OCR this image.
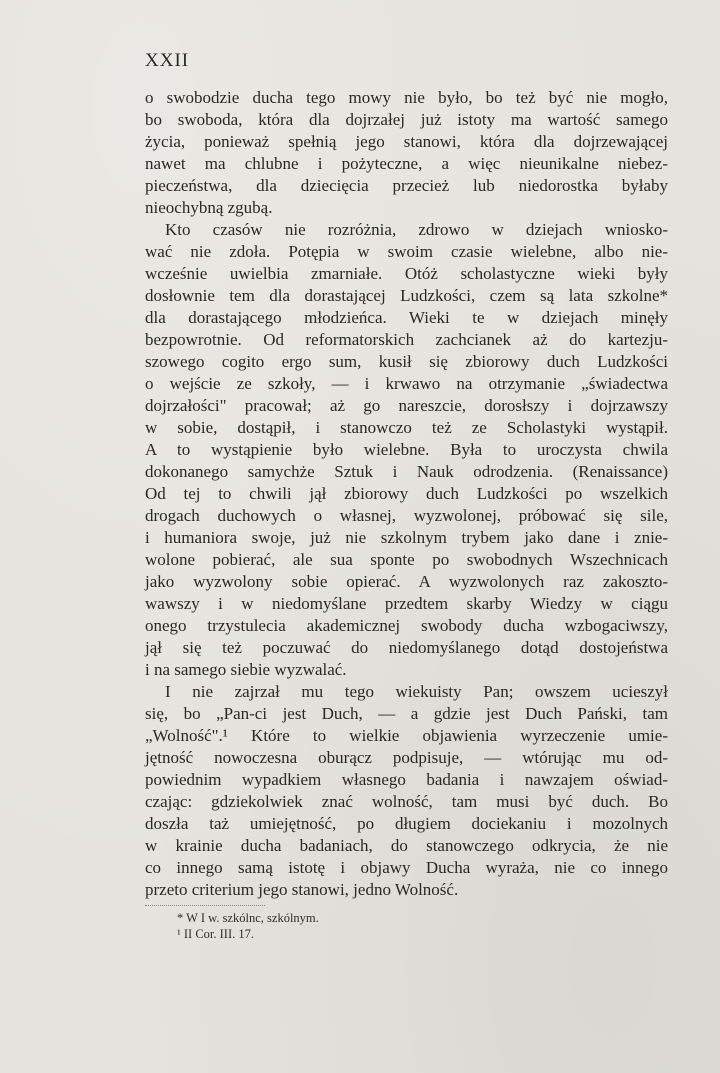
XXII
o swobodzie ducha tego mowy nie było, bo też być nie mogło,
bo swoboda, która dla dojrzałej już istoty ma wartość samego
życia, ponieważ spełnią jego stanowi, która dla dojrzewającej
nawet ma chlubne i pożyteczne, a więc nieunikalne niebez-
pieczeństwa, dla dziecięcia przecież lub niedorostka byłaby
nieochybną zgubą.
Kto czasów nie rozróżnia, zdrowo w dziejach wniosko-
wać nie zdoła. Potępia w swoim czasie wielebne, albo nie-
wcześnie uwielbia zmarniałe. Otóż scholastyczne wieki były
dosłownie tem dla dorastającej Ludzkości, czem są lata szkolne*
dla dorastającego młodzieńca. Wieki te w dziejach minęły
bezpowrotnie. Od reformatorskich zachcianek aż do kartezju-
szowego cogito ergo sum, kusił się zbiorowy duch Ludzkości
o wejście ze szkoły, — i krwawo na otrzymanie „świadectwa
dojrzałości" pracował; aż go nareszcie, dorosłszy i dojrzawszy
w sobie, dostąpił, i stanowczo też ze Scholastyki wystąpił.
A to wystąpienie było wielebne. Była to uroczysta chwila
dokonanego samychże Sztuk i Nauk odrodzenia. (Renaissance)
Od tej to chwili jął zbiorowy duch Ludzkości po wszelkich
drogach duchowych o własnej, wyzwolonej, próbować się sile,
i humaniora swoje, już nie szkolnym trybem jako dane i znie-
wolone pobierać, ale sua sponte po swobodnych Wszechnicach
jako wyzwolony sobie opierać. A wyzwolonych raz zakoszto-
wawszy i w niedomyślane przedtem skarby Wiedzy w ciągu
onego trzystulecia akademicznej swobody ducha wzbogaciwszy,
jął się też poczuwać do niedomyślanego dotąd dostojeństwa
i na samego siebie wyzwalać.
I nie zajrzał mu tego wiekuisty Pan; owszem ucieszył
się, bo „Pan-ci jest Duch, — a gdzie jest Duch Pański, tam
„Wolność".¹ Które to wielkie objawienia wyrzeczenie umie-
jętność nowoczesna oburącz podpisuje, — wtórując mu od-
powiednim wypadkiem własnego badania i nawzajem oświad-
czając: gdziekolwiek znać wolność, tam musi być duch. Bo
doszła taż umiejętność, po długiem dociekaniu i mozolnych
w krainie ducha badaniach, do stanowczego odkrycia, że nie
co innego samą istotę i objawy Ducha wyraża, nie co innego
przeto criterium jego stanowi, jedno Wolność.
* W I w. szkólnc, szkólnym.
¹ II Cor. III. 17.
